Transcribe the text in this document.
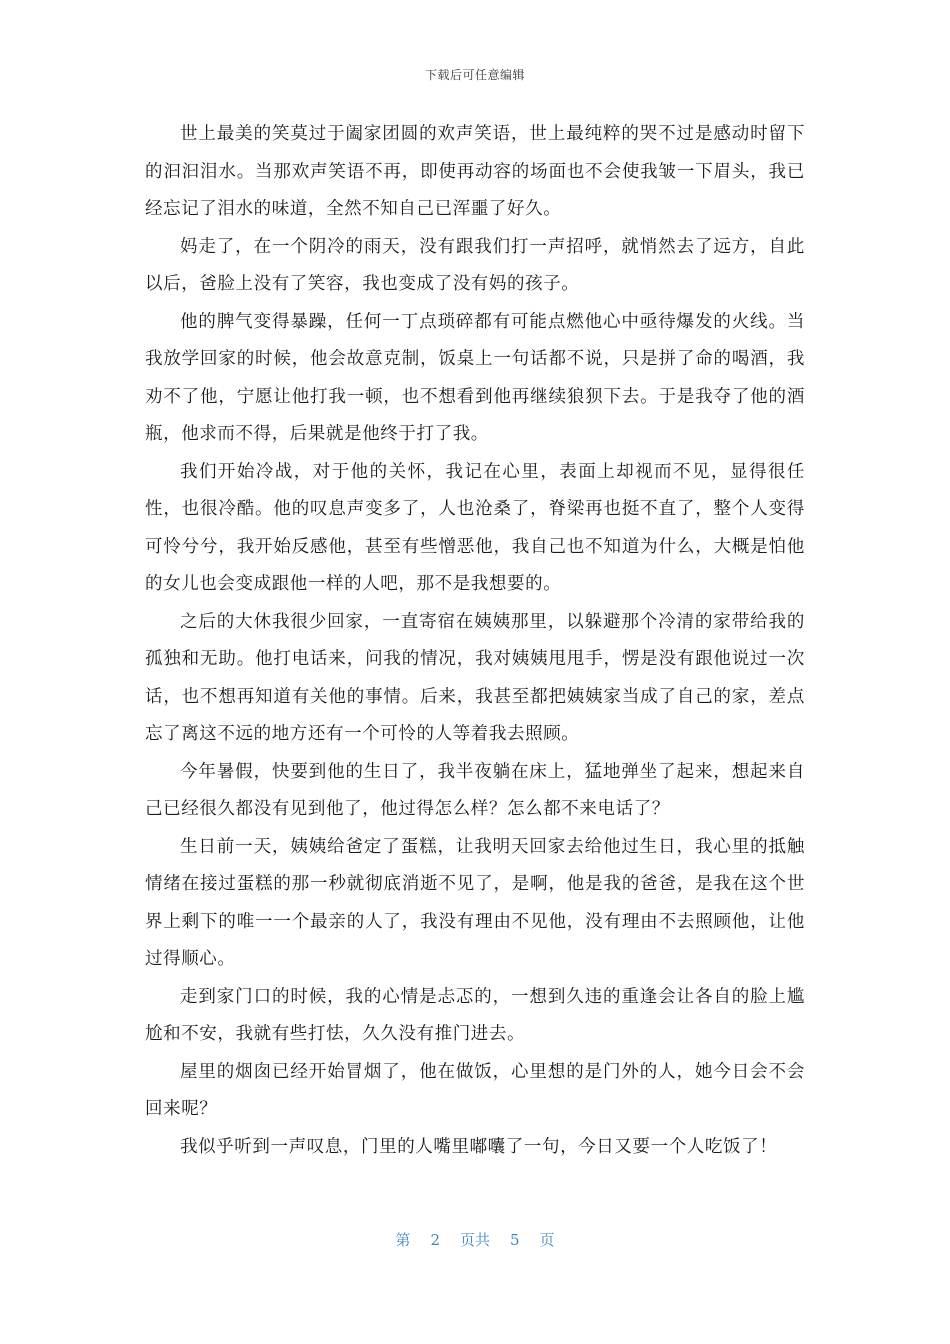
下载后可任意编辑

世上最美的笑莫过于阖家团圆的欢声笑语，世上最纯粹的哭不过是感动时留下的汩汩泪水。当那欢声笑语不再，即使再动容的场面也不会使我皱一下眉头，我已经忘记了泪水的味道，全然不知自己已浑噩了好久。

妈走了，在一个阴冷的雨天，没有跟我们打一声招呼，就悄然去了远方，自此以后，爸脸上没有了笑容，我也变成了没有妈的孩子。

他的脾气变得暴躁，任何一丁点琐碎都有可能点燃他心中亟待爆发的火线。当我放学回家的时候，他会故意克制，饭桌上一句话都不说，只是拼了命的喝酒，我劝不了他，宁愿让他打我一顿，也不想看到他再继续狼狈下去。于是我夺了他的酒瓶，他求而不得，后果就是他终于打了我。

我们开始冷战，对于他的关怀，我记在心里，表面上却视而不见，显得很任性，也很冷酷。他的叹息声变多了，人也沧桑了，脊梁再也挺不直了，整个人变得可怜兮兮，我开始反感他，甚至有些憎恶他，我自己也不知道为什么，大概是怕他的女儿也会变成跟他一样的人吧，那不是我想要的。

之后的大休我很少回家，一直寄宿在姨姨那里，以躲避那个冷清的家带给我的孤独和无助。他打电话来，问我的情况，我对姨姨甩甩手，愣是没有跟他说过一次话，也不想再知道有关他的事情。后来，我甚至都把姨姨家当成了自己的家，差点忘了离这不远的地方还有一个可怜的人等着我去照顾。

今年暑假，快要到他的生日了，我半夜躺在床上，猛地弹坐了起来，想起来自己已经很久都没有见到他了，他过得怎么样？怎么都不来电话了？

生日前一天，姨姨给爸定了蛋糕，让我明天回家去给他过生日，我心里的抵触情绪在接过蛋糕的那一秒就彻底消逝不见了，是啊，他是我的爸爸，是我在这个世界上剩下的唯一一个最亲的人了，我没有理由不见他，没有理由不去照顾他，让他过得顺心。

走到家门口的时候，我的心情是忐忑的，一想到久违的重逢会让各自的脸上尴尬和不安，我就有些打怯，久久没有推门进去。

屋里的烟囱已经开始冒烟了，他在做饭，心里想的是门外的人，她今日会不会回来呢？

我似乎听到一声叹息，门里的人嘴里嘟囔了一句，今日又要一个人吃饭了！

第 2 页共 5 页
